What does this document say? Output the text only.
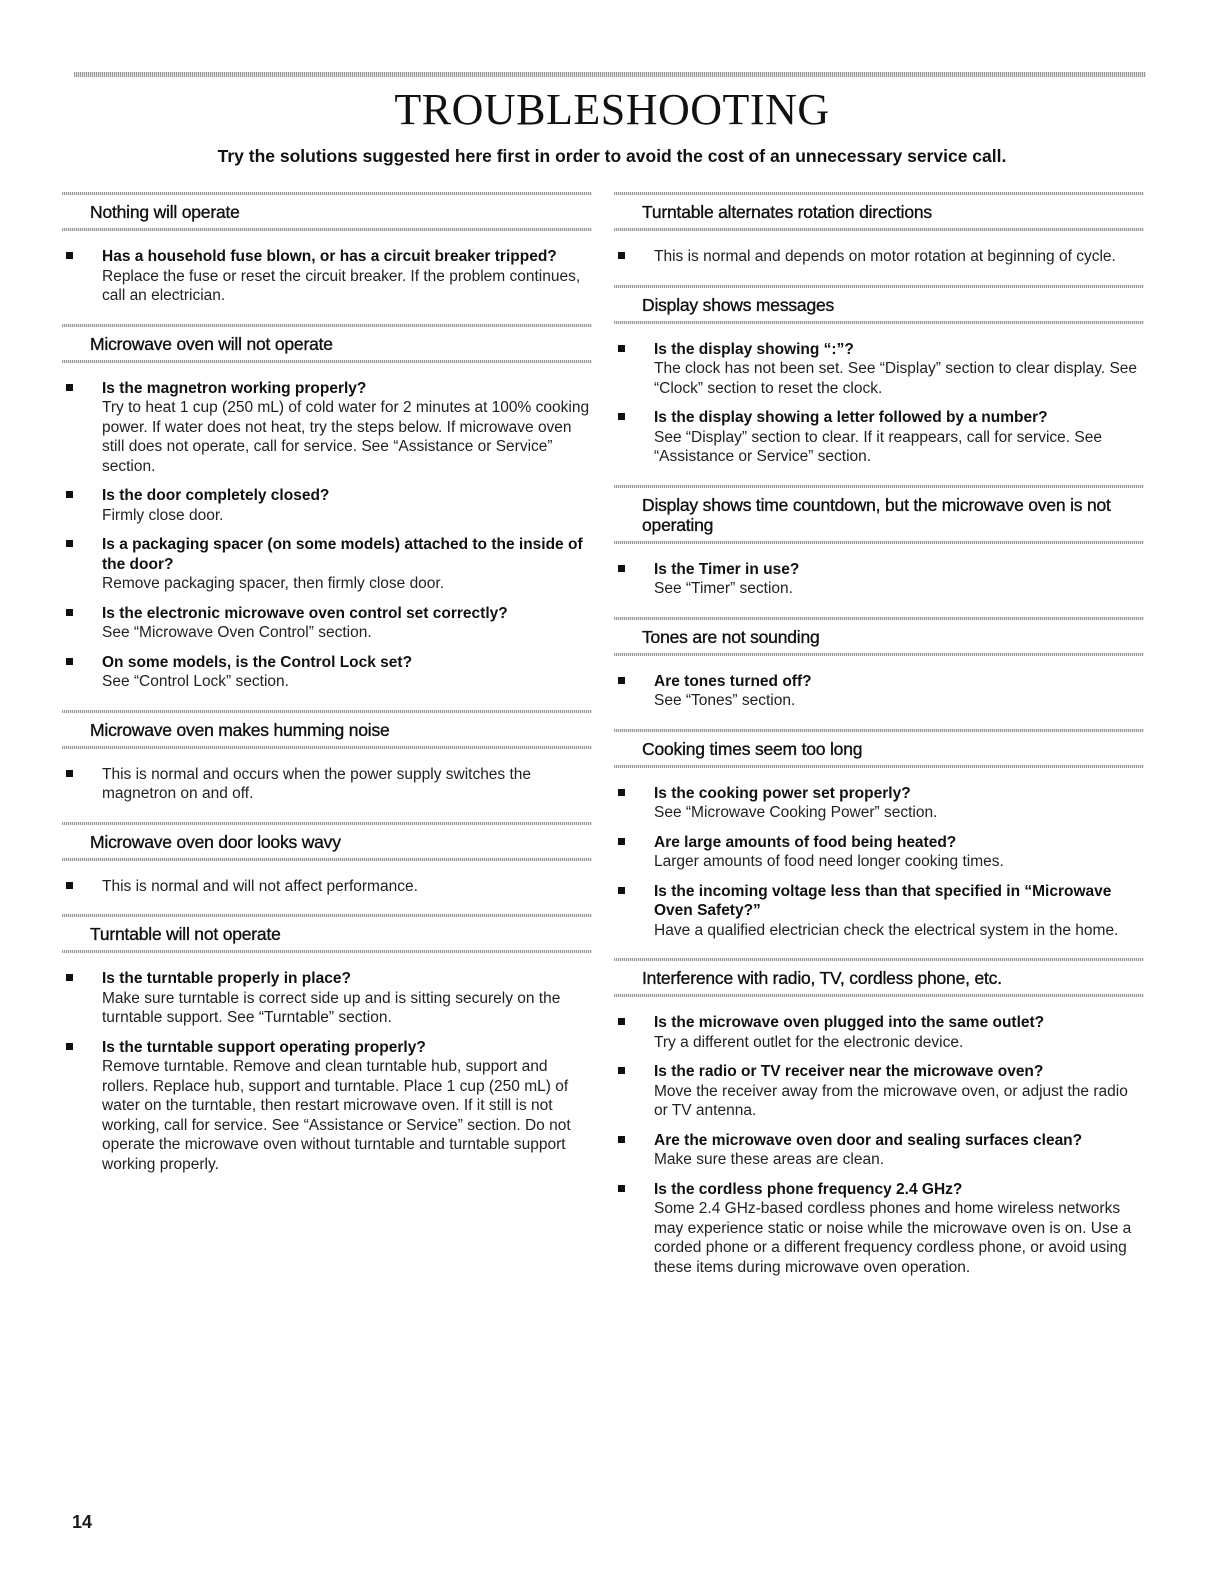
TROUBLESHOOTING

Try the solutions suggested here first in order to avoid the cost of an unnecessary service call.

Nothing will operate
Has a household fuse blown, or has a circuit breaker tripped?
Replace the fuse or reset the circuit breaker. If the problem continues, call an electrician.
Microwave oven will not operate
Is the magnetron working properly?
Try to heat 1 cup (250 mL) of cold water for 2 minutes at 100% cooking power. If water does not heat, try the steps below. If microwave oven still does not operate, call for service. See “Assistance or Service” section.
Is the door completely closed?
Firmly close door.
Is a packaging spacer (on some models) attached to the inside of the door?
Remove packaging spacer, then firmly close door.
Is the electronic microwave oven control set correctly?
See “Microwave Oven Control” section.
On some models, is the Control Lock set?
See “Control Lock” section.
Microwave oven makes humming noise
This is normal and occurs when the power supply switches the magnetron on and off.
Microwave oven door looks wavy
This is normal and will not affect performance.
Turntable will not operate
Is the turntable properly in place?
Make sure turntable is correct side up and is sitting securely on the turntable support. See “Turntable” section.
Is the turntable support operating properly?
Remove turntable. Remove and clean turntable hub, support and rollers. Replace hub, support and turntable. Place 1 cup (250 mL) of water on the turntable, then restart microwave oven. If it still is not working, call for service. See “Assistance or Service” section. Do not operate the microwave oven without turntable and turntable support working properly.
Turntable alternates rotation directions
This is normal and depends on motor rotation at beginning of cycle.
Display shows messages
Is the display showing “:”?
The clock has not been set. See “Display” section to clear display. See “Clock” section to reset the clock.
Is the display showing a letter followed by a number?
See “Display” section to clear. If it reappears, call for service. See “Assistance or Service” section.
Display shows time countdown, but the microwave oven is not operating
Is the Timer in use?
See “Timer” section.
Tones are not sounding
Are tones turned off?
See “Tones” section.
Cooking times seem too long
Is the cooking power set properly?
See “Microwave Cooking Power” section.
Are large amounts of food being heated?
Larger amounts of food need longer cooking times.
Is the incoming voltage less than that specified in “Microwave Oven Safety?”
Have a qualified electrician check the electrical system in the home.
Interference with radio, TV, cordless phone, etc.
Is the microwave oven plugged into the same outlet?
Try a different outlet for the electronic device.
Is the radio or TV receiver near the microwave oven?
Move the receiver away from the microwave oven, or adjust the radio or TV antenna.
Are the microwave oven door and sealing surfaces clean?
Make sure these areas are clean.
Is the cordless phone frequency 2.4 GHz?
Some 2.4 GHz-based cordless phones and home wireless networks may experience static or noise while the microwave oven is on. Use a corded phone or a different frequency cordless phone, or avoid using these items during microwave oven operation.

14
